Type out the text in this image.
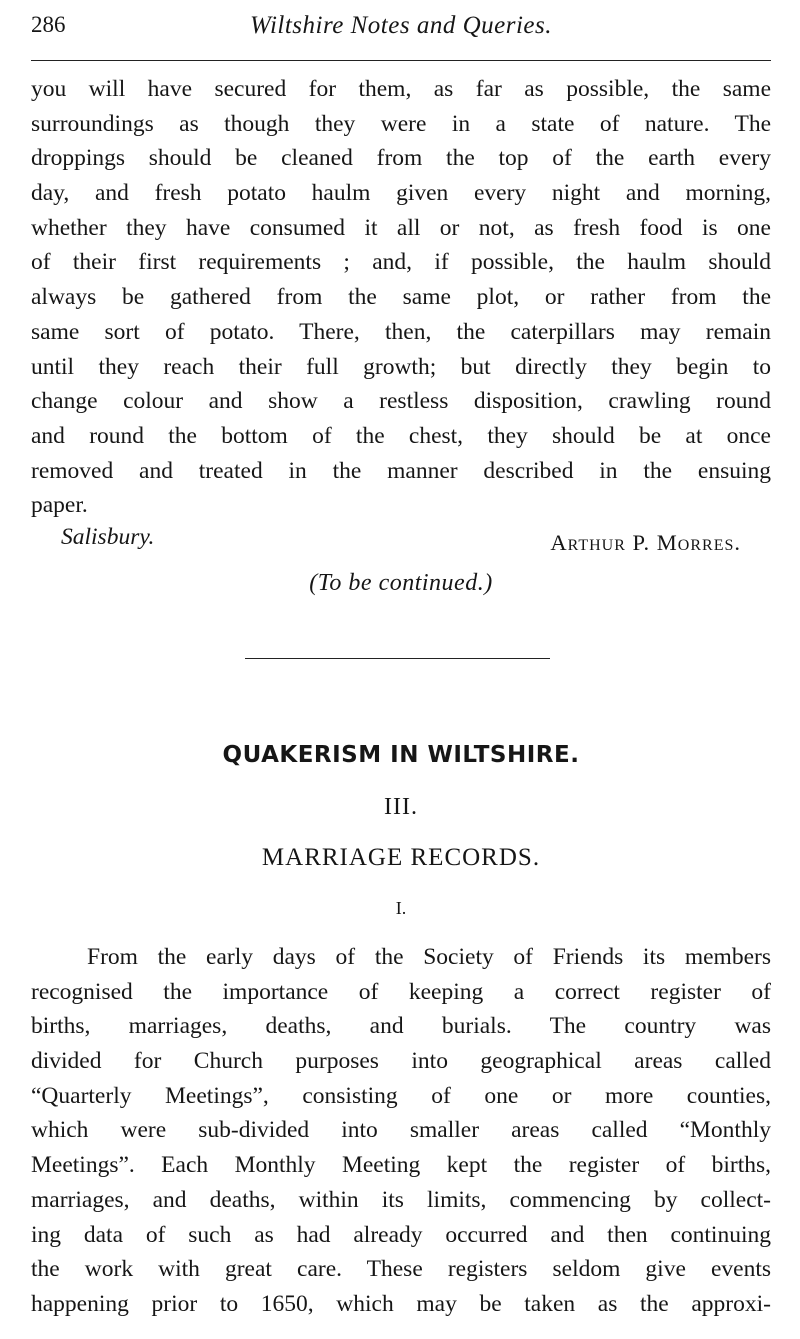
286	Wiltshire Notes and Queries.
you will have secured for them, as far as possible, the same
surroundings as though they were in a state of nature. The
droppings should be cleaned from the top of the earth every
day, and fresh potato haulm given every night and morning,
whether they have consumed it all or not, as fresh food is one
of their first requirements ; and, if possible, the haulm should
always be gathered from the same plot, or rather from the
same sort of potato. There, then, the caterpillars may remain
until they reach their full growth; but directly they begin to
change colour and show a restless disposition, crawling round
and round the bottom of the chest, they should be at once
removed and treated in the manner described in the ensuing
paper.
Salisbury.	Arthur P. Morres.
(To be continued.)
QUAKERISM IN WILTSHIRE.
III.
MARRIAGE RECORDS.
I.
From the early days of the Society of Friends its members
recognised the importance of keeping a correct register of
births, marriages, deaths, and burials. The country was
divided for Church purposes into geographical areas called
“Quarterly Meetings”, consisting of one or more counties,
which were sub-divided into smaller areas called “Monthly
Meetings”. Each Monthly Meeting kept the register of births,
marriages, and deaths, within its limits, commencing by collect-
ing data of such as had already occurred and then continuing
the work with great care. These registers seldom give events
happening prior to 1650, which may be taken as the approxi-
